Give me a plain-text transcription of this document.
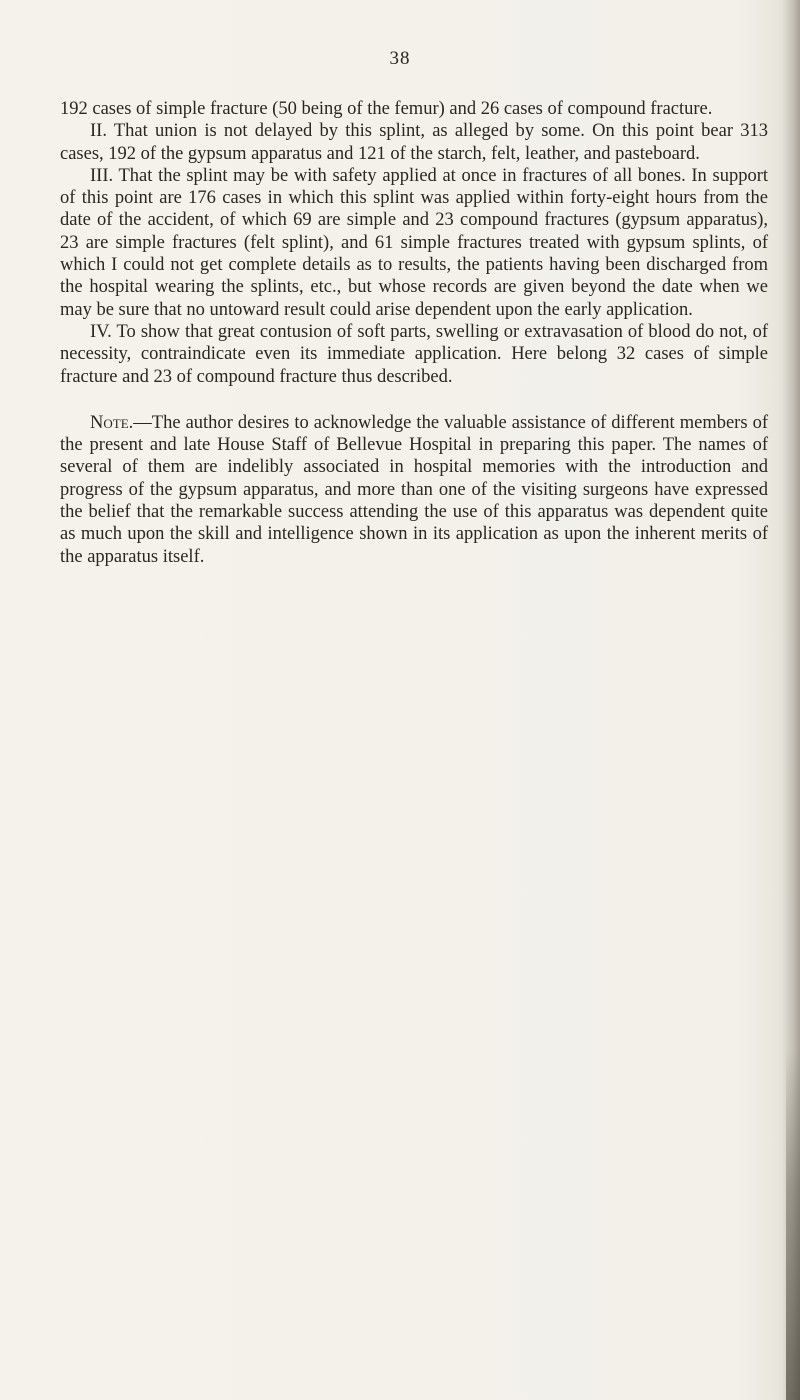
38

192 cases of simple fracture (50 being of the femur) and 26 cases of compound fracture.

II. That union is not delayed by this splint, as alleged by some. On this point bear 313 cases, 192 of the gypsum apparatus and 121 of the starch, felt, leather, and pasteboard.

III. That the splint may be with safety applied at once in fractures of all bones. In support of this point are 176 cases in which this splint was applied within forty-eight hours from the date of the accident, of which 69 are simple and 23 compound fractures (gypsum apparatus), 23 are simple fractures (felt splint), and 61 simple fractures treated with gypsum splints, of which I could not get complete details as to results, the patients having been discharged from the hospital wearing the splints, etc., but whose records are given beyond the date when we may be sure that no untoward result could arise dependent upon the early application.

IV. To show that great contusion of soft parts, swelling or extravasation of blood do not, of necessity, contraindicate even its immediate application. Here belong 32 cases of simple fracture and 23 of compound fracture thus described.

Note.—The author desires to acknowledge the valuable assistance of different members of the present and late House Staff of Bellevue Hospital in preparing this paper. The names of several of them are indelibly associated in hospital memories with the introduction and progress of the gypsum apparatus, and more than one of the visiting surgeons have expressed the belief that the remarkable success attending the use of this apparatus was dependent quite as much upon the skill and intelligence shown in its application as upon the inherent merits of the apparatus itself.
